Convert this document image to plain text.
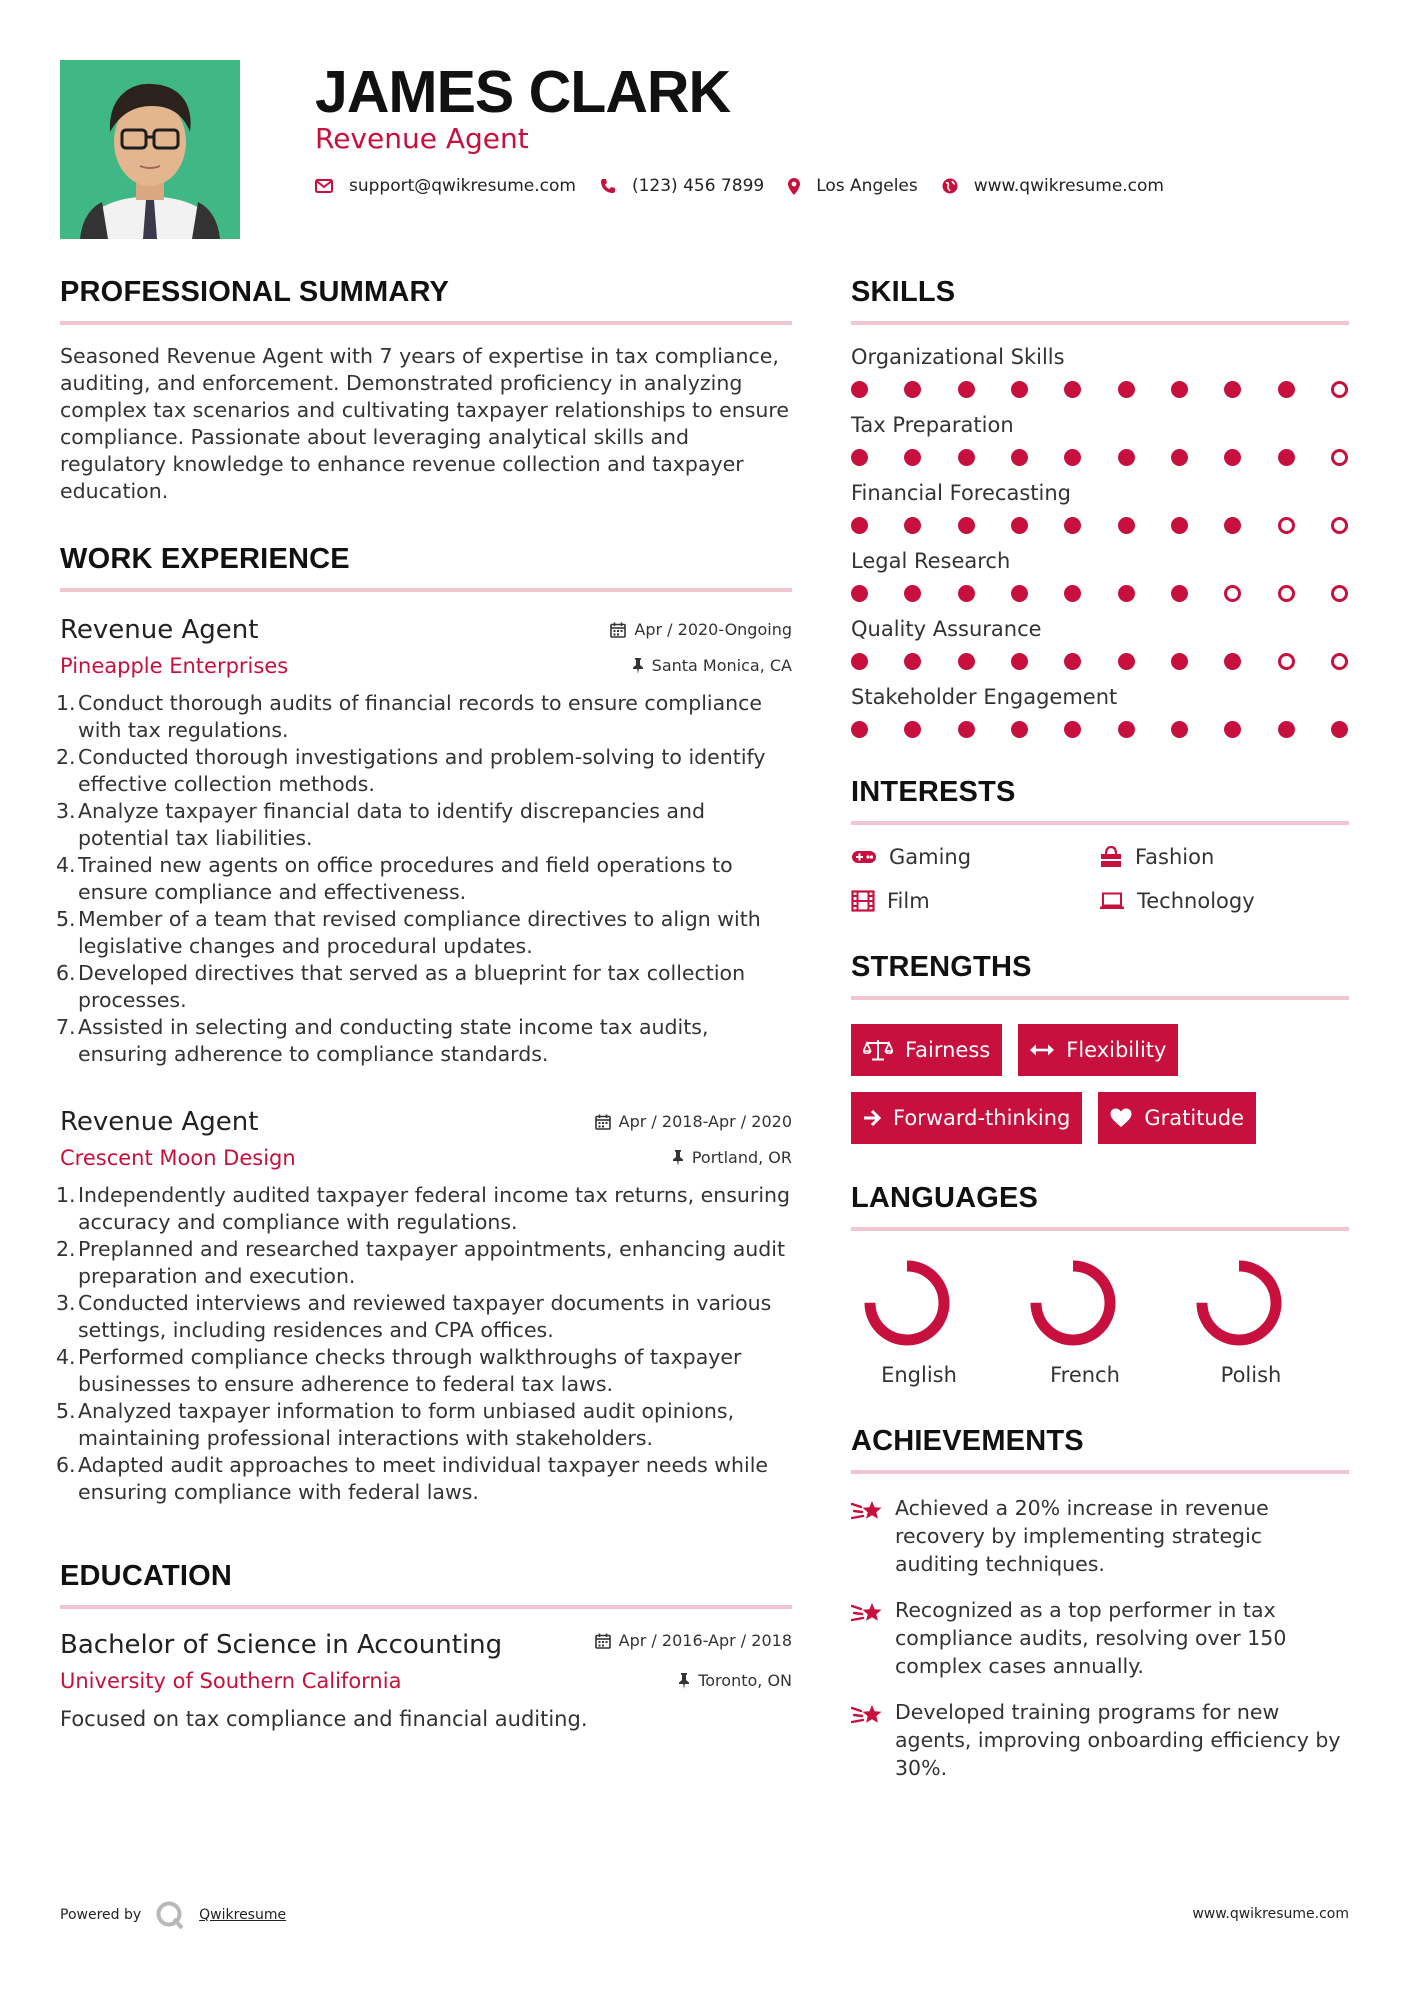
JAMES CLARK
Revenue Agent
support@qwikresume.com	(123) 456 7899	Los Angeles	www.qwikresume.com
PROFESSIONAL SUMMARY

Seasoned Revenue Agent with 7 years of expertise in tax compliance, auditing, and enforcement. Demonstrated proficiency in analyzing complex tax scenarios and cultivating taxpayer relationships to ensure compliance. Passionate about leveraging analytical skills and regulatory knowledge to enhance revenue collection and taxpayer education.

WORK EXPERIENCE
Apr / 2020-Ongoing
Santa Monica, CA
Revenue Agent
Pineapple Enterprises
1. Conduct thorough audits of financial records to ensure compliance with tax regulations.
2. Conducted thorough investigations and problem-solving to identify effective collection methods.
3. Analyze taxpayer financial data to identify discrepancies and potential tax liabilities.
4. Trained new agents on office procedures and field operations to ensure compliance and effectiveness.
5. Member of a team that revised compliance directives to align with legislative changes and procedural updates.
6. Developed directives that served as a blueprint for tax collection processes.
7. Assisted in selecting and conducting state income tax audits, ensuring adherence to compliance standards.
Apr / 2018-Apr / 2020
Portland, OR
Revenue Agent
Crescent Moon Design
1. Independently audited taxpayer federal income tax returns, ensuring accuracy and compliance with regulations.
2. Preplanned and researched taxpayer appointments, enhancing audit preparation and execution.
3. Conducted interviews and reviewed taxpayer documents in various settings, including residences and CPA offices.
4. Performed compliance checks through walkthroughs of taxpayer businesses to ensure adherence to federal tax laws.
5. Analyzed taxpayer information to form unbiased audit opinions, maintaining professional interactions with stakeholders.
6. Adapted audit approaches to meet individual taxpayer needs while ensuring compliance with federal laws.
EDUCATION
Apr / 2016-Apr / 2018
Toronto, ON
Bachelor of Science in Accounting
University of Southern California
Focused on tax compliance and financial auditing.
SKILLS
Organizational Skills
Tax Preparation
Financial Forecasting
Legal Research
Quality Assurance
Stakeholder Engagement
INTERESTS
Gaming	Fashion
Film	Technology
STRENGTHS
Fairness	Flexibility
Forward-thinking	Gratitude
LANGUAGES
English	French	Polish
ACHIEVEMENTS
Achieved a 20% increase in revenue recovery by implementing strategic auditing techniques.
Recognized as a top performer in tax compliance audits, resolving over 150 complex cases annually.
Developed training programs for new agents, improving onboarding efficiency by 30%.
Powered by	Qwikresume	www.qwikresume.com
